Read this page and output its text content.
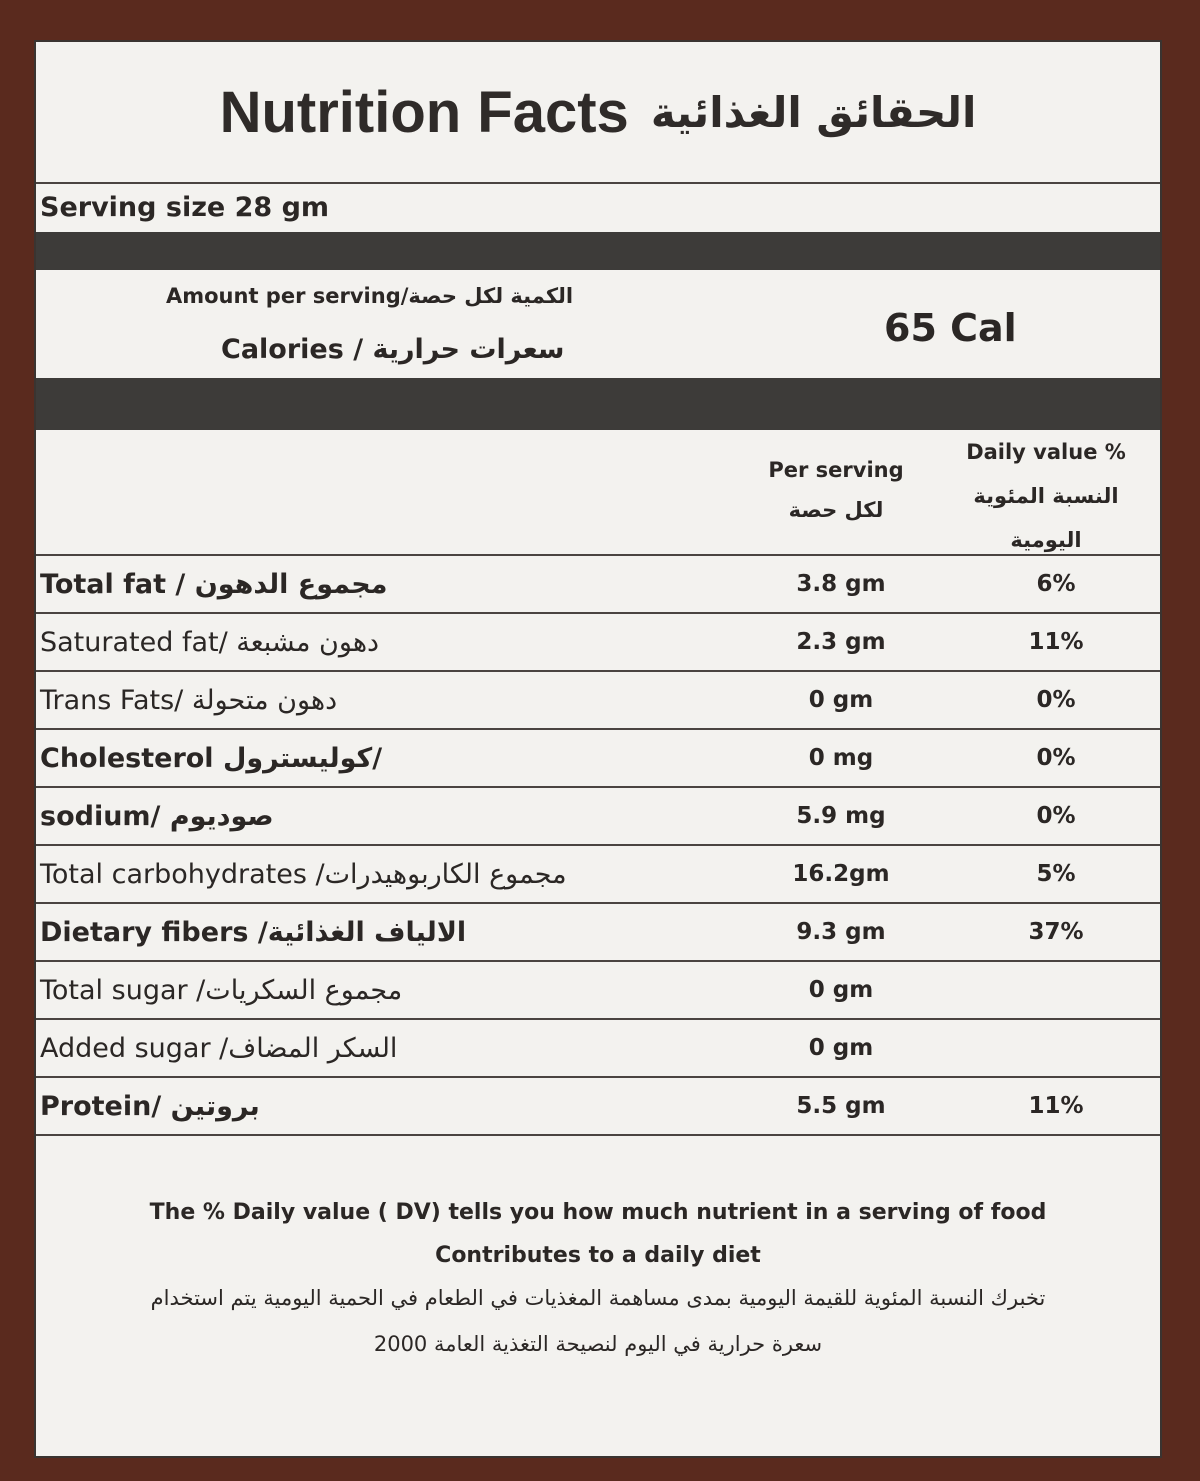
Nutrition Facts الحقائق الغذائية
Serving size 28 gm
Amount per serving/الكمية لكل حصة
Calories / سعرات حرارية	65 Cal
Per serving
لكل حصة
Daily value %
النسبة المئوية
اليومية
Total fat / مجموع الدهون	3.8 gm	6%
Saturated fat/ دهون مشبعة	2.3 gm	11%
Trans Fats/ دهون متحولة	0 gm	0%
Cholesterol كوليسترول/	0 mg	0%
sodium/ صوديوم	5.9 mg	0%
Total carbohydrates /مجموع الكاربوهيدرات	16.2gm	5%
Dietary fibers /الالياف الغذائية	9.3 gm	37%
Total sugar /مجموع السكريات	0 gm
Added sugar /السكر المضاف	0 gm
Protein/ بروتين	5.5 gm	11%
The % Daily value ( DV) tells you how much nutrient in a serving of food
Contributes to a daily diet
تخبرك النسبة المئوية للقيمة اليومية بمدى مساهمة المغذيات في الطعام في الحمية اليومية يتم استخدام
سعرة حرارية في اليوم لنصيحة التغذية العامة 2000
